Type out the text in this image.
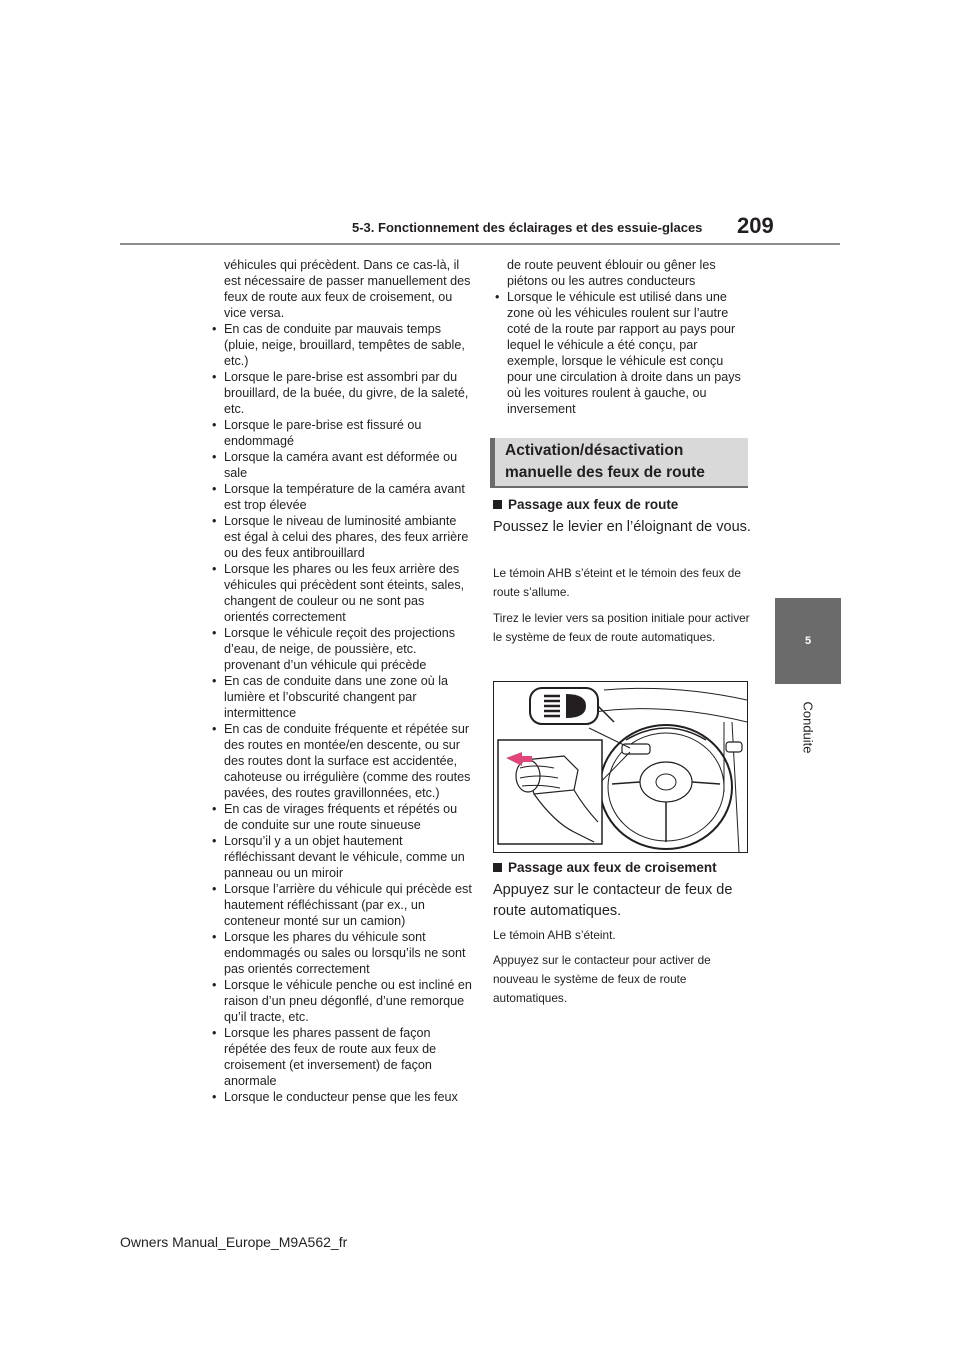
5-3. Fonctionnement des éclairages et des essuie-glaces 209
5
Conduite
véhicules qui précèdent. Dans ce cas-là, il est nécessaire de passer manuellement des feux de route aux feux de croisement, ou vice versa.
• En cas de conduite par mauvais temps (pluie, neige, brouillard, tempêtes de sable, etc.)
• Lorsque le pare-brise est assombri par du brouillard, de la buée, du givre, de la saleté, etc.
• Lorsque le pare-brise est fissuré ou endommagé
• Lorsque la caméra avant est déformée ou sale
• Lorsque la température de la caméra avant est trop élevée
• Lorsque le niveau de luminosité ambiante est égal à celui des phares, des feux arrière ou des feux antibrouillard
• Lorsque les phares ou les feux arrière des véhicules qui précèdent sont éteints, sales, changent de couleur ou ne sont pas orientés correctement
• Lorsque le véhicule reçoit des projections d’eau, de neige, de poussière, etc. provenant d’un véhicule qui précède
• En cas de conduite dans une zone où la lumière et l’obscurité changent par intermittence
• En cas de conduite fréquente et répétée sur des routes en montée/en descente, ou sur des routes dont la surface est accidentée, cahoteuse ou irrégulière (comme des routes pavées, des routes gravillonnées, etc.)
• En cas de virages fréquents et répétés ou de conduite sur une route sinueuse
• Lorsqu’il y a un objet hautement réfléchissant devant le véhicule, comme un panneau ou un miroir
• Lorsque l’arrière du véhicule qui précède est hautement réfléchissant (par ex., un conteneur monté sur un camion)
• Lorsque les phares du véhicule sont endommagés ou sales ou lorsqu’ils ne sont pas orientés correctement
• Lorsque le véhicule penche ou est incliné en raison d’un pneu dégonflé, d’une remorque qu’il tracte, etc.
• Lorsque les phares passent de façon répétée des feux de route aux feux de croisement (et inversement) de façon anormale
• Lorsque le conducteur pense que les feux
de route peuvent éblouir ou gêner les piétons ou les autres conducteurs
• Lorsque le véhicule est utilisé dans une zone où les véhicules roulent sur l’autre coté de la route par rapport au pays pour lequel le véhicule a été conçu, par exemple, lorsque le véhicule est conçu pour une circulation à droite dans un pays où les voitures roulent à gauche, ou inversement
Activation/désactivation manuelle des feux de route
Passage aux feux de route
Poussez le levier en l’éloignant de vous.
Le témoin AHB s’éteint et le témoin des feux de route s’allume.
Tirez le levier vers sa position initiale pour activer le système de feux de route automatiques.
Passage aux feux de croisement
Appuyez sur le contacteur de feux de route automatiques.
Le témoin AHB s’éteint.
Appuyez sur le contacteur pour activer de nouveau le système de feux de route automatiques.
Owners Manual_Europe_M9A562_fr
